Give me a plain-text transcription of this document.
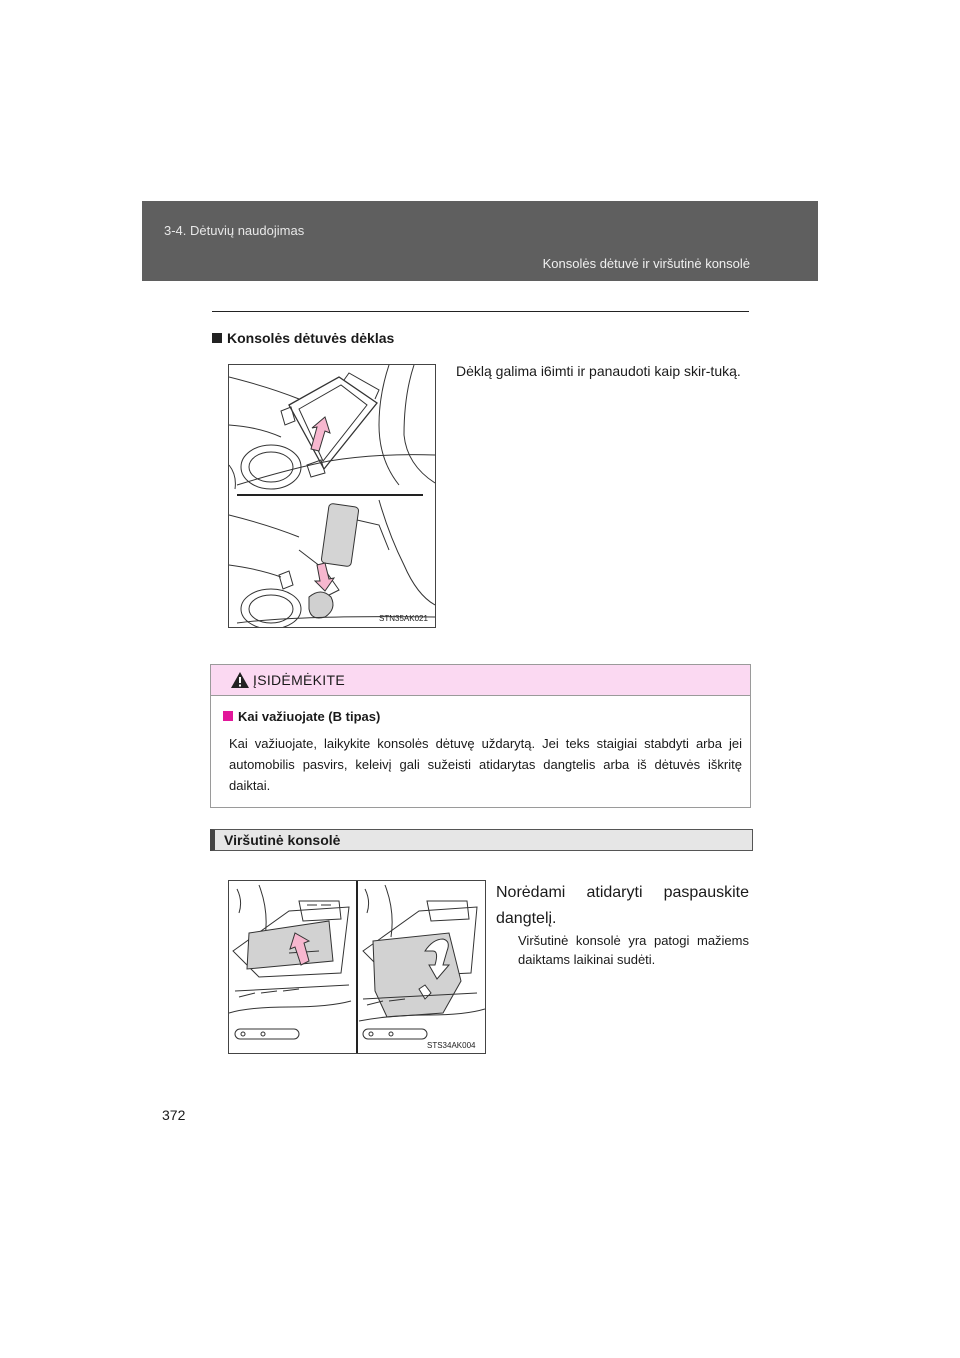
3-4. Dėtuvių naudojimas
Konsolės dėtuvė ir viršutinė konsolė
Konsolės dėtuvės dėklas
STN35AK021
Dėklą galima i6imti ir panaudoti kaip skir-tuką.
ĮSIDĖMĖKITE
Kai važiuojate (B tipas)
Kai važiuojate, laikykite konsolės dėtuvę uždarytą. Jei teks staigiai stabdyti arba jei automobilis pasvirs, keleivį gali sužeisti atidarytas dangtelis arba iš dėtuvės iškritę daiktai.
Viršutinė konsolė
STS34AK004
Norėdami atidaryti paspauskite dangtelį.
Viršutinė konsolė yra patogi mažiems daiktams laikinai sudėti.
372
